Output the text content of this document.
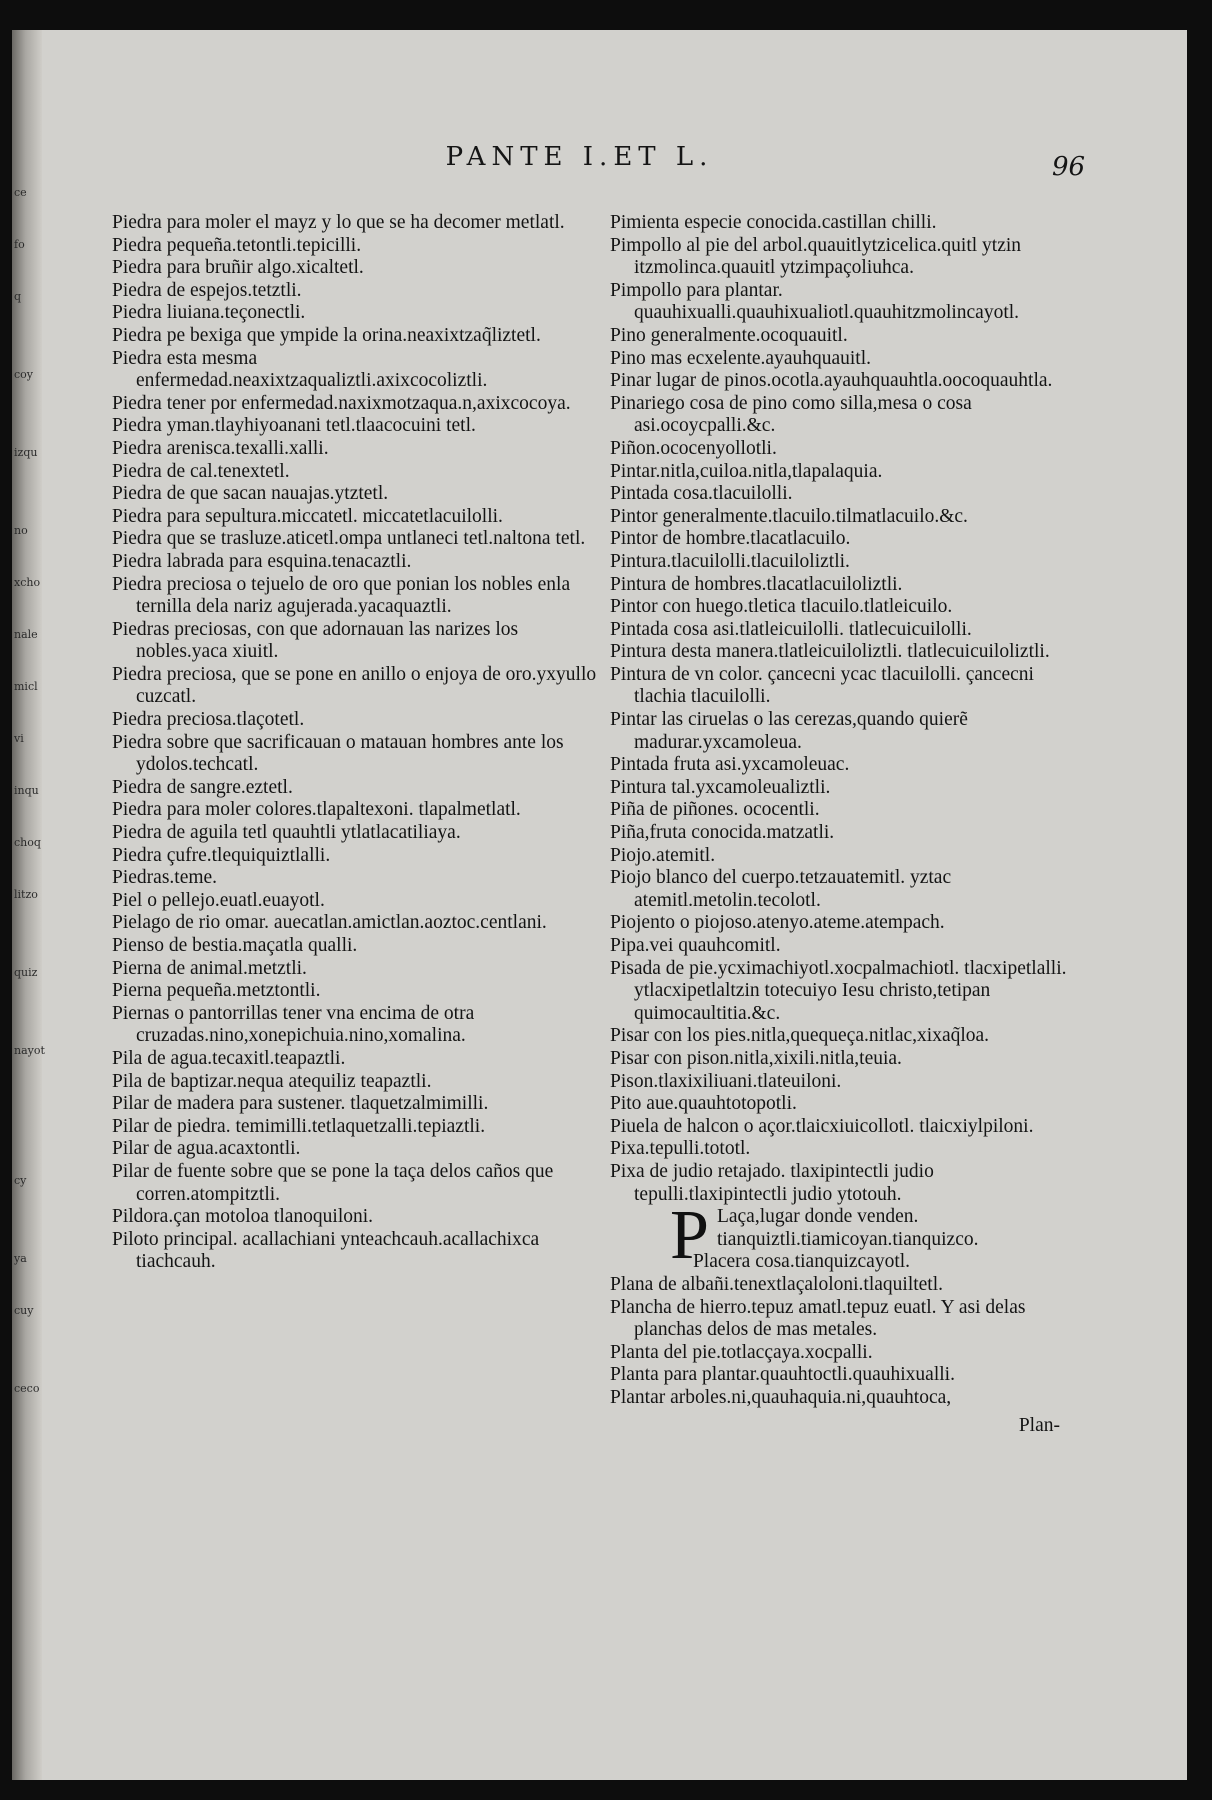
ce

fo

q

coy

izqu

no

xcho

nale

micl

vi

inqu

choq

litzo

quiz

nayot

cy

ya

cuy

ceco
PANTE I.ET L.	96

Piedra para moler el mayz y lo que se ha decomer metlatl.

Piedra pequeña.tetontli.tepicilli.

Piedra para bruñir algo.xicaltetl.

Piedra de espejos.tetztli.

Piedra liuiana.teçonectli.

Piedra pe bexiga que ympide la orina.neaxixtzaq̃liztetl.

Piedra esta mesma enfermedad.neaxixtzaqualiztli.axixcocoliztli.

Piedra tener por enfermedad.naxixmotzaqua.n,axixcocoya.

Piedra yman.tlayhiyoanani tetl.tlaacocuini tetl.

Piedra arenisca.texalli.xalli.

Piedra de cal.tenextetl.

Piedra de que sacan nauajas.ytztetl.

Piedra para sepultura.miccatetl. miccatetlacuilolli.

Piedra que se trasluze.aticetl.ompa untlaneci tetl.naltona tetl.

Piedra labrada para esquina.tenacaztli.

Piedra preciosa o tejuelo de oro que ponian los nobles enla ternilla dela nariz agujerada.yacaquaztli.

Piedras preciosas, con que adornauan las narizes los nobles.yaca xiuitl.

Piedra preciosa, que se pone en anillo o enjoya de oro.yxyullo cuzcatl.

Piedra preciosa.tlaçotetl.

Piedra sobre que sacrificauan o matauan hombres ante los ydolos.techcatl.

Piedra de sangre.eztetl.

Piedra para moler colores.tlapaltexoni. tlapalmetlatl.

Piedra de aguila tetl quauhtli ytlatlacatiliaya.

Piedra çufre.tlequiquiztlalli.

Piedras.teme.

Piel o pellejo.euatl.euayotl.

Pielago de rio omar. auecatlan.amictlan.aoztoc.centlani.

Pienso de bestia.maçatla qualli.

Pierna de animal.metztli.

Pierna pequeña.metztontli.

Piernas o pantorrillas tener vna encima de otra cruzadas.nino,xonepichuia.nino,xomalina.

Pila de agua.tecaxitl.teapaztli.

Pila de baptizar.nequa atequiliz teapaztli.

Pilar de madera para sustener. tlaquetzalmimilli.

Pilar de piedra. temimilli.tetlaquetzalli.tepiaztli.

Pilar de agua.acaxtontli.

Pilar de fuente sobre que se pone la taça delos caños que corren.atompitztli.

Pildora.çan motoloa tlanoquiloni.

Piloto principal. acallachiani ynteachcauh.acallachixca tiachcauh.

Pimienta especie conocida.castillan chilli.

Pimpollo al pie del arbol.quauitlytzicelica.quitl ytzin itzmolinca.quauitl ytzimpaçoliuhca.

Pimpollo para plantar. quauhixualli.quauhixualiotl.quauhitzmolincayotl.

Pino generalmente.ocoquauitl.

Pino mas ecxelente.ayauhquauitl.

Pinar lugar de pinos.ocotla.ayauhquauhtla.oocoquauhtla.

Pinariego cosa de pino como silla,mesa o cosa asi.ocoycpalli.&c.

Piñon.ococenyollotli.

Pintar.nitla,cuiloa.nitla,tlapalaquia.

Pintada cosa.tlacuilolli.

Pintor generalmente.tlacuilo.tilmatlacuilo.&c.

Pintor de hombre.tlacatlacuilo.

Pintura.tlacuilolli.tlacuiloliztli.

Pintura de hombres.tlacatlacuiloliztli.

Pintor con huego.tletica tlacuilo.tlatleicuilo.

Pintada cosa asi.tlatleicuilolli. tlatlecuicuilolli.

Pintura desta manera.tlatleicuiloliztli. tlatlecuicuiloliztli.

Pintura de vn color. çancecni ycac tlacuilolli. çancecni tlachia tlacuilolli.

Pintar las ciruelas o las cerezas,quando quierẽ madurar.yxcamoleua.

Pintada fruta asi.yxcamoleuac.

Pintura tal.yxcamoleualiztli.

Piña de piñones. ococentli.

Piña,fruta conocida.matzatli.

Piojo.atemitl.

Piojo blanco del cuerpo.tetzauatemitl. yztac atemitl.metolin.tecolotl.

Piojento o piojoso.atenyo.ateme.atempach.

Pipa.vei quauhcomitl.

Pisada de pie.ycximachiyotl.xocpalmachiotl. tlacxipetlalli. ytlacxipetlaltzin totecuiyo Iesu christo,tetipan quimocaultitia.&c.

Pisar con los pies.nitla,quequeça.nitlac,xixaq̃loa.

Pisar con pison.nitla,xixili.nitla,teuia.

Pison.tlaxixiliuani.tlateuiloni.

Pito aue.quauhtotopotli.

Piuela de halcon o açor.tlaicxiuicollotl. tlaicxiylpiloni.

Pixa.tepulli.tototl.

Pixa de judio retajado. tlaxipintectli judio tepulli.tlaxipintectli judio ytotouh.

P Laça,lugar donde venden. tianquiztli.tiamicoyan.tianquizco.

Placera cosa.tianquizcayotl.

Plana de albañi.tenextlaçaloloni.tlaquiltetl.

Plancha de hierro.tepuz amatl.tepuz euatl. Y asi delas planchas delos de mas metales.

Planta del pie.totlacçaya.xocpalli.

Planta para plantar.quauhtoctli.quauhixualli.

Plantar arboles.ni,quauhaquia.ni,quauhtoca,

Plan-
